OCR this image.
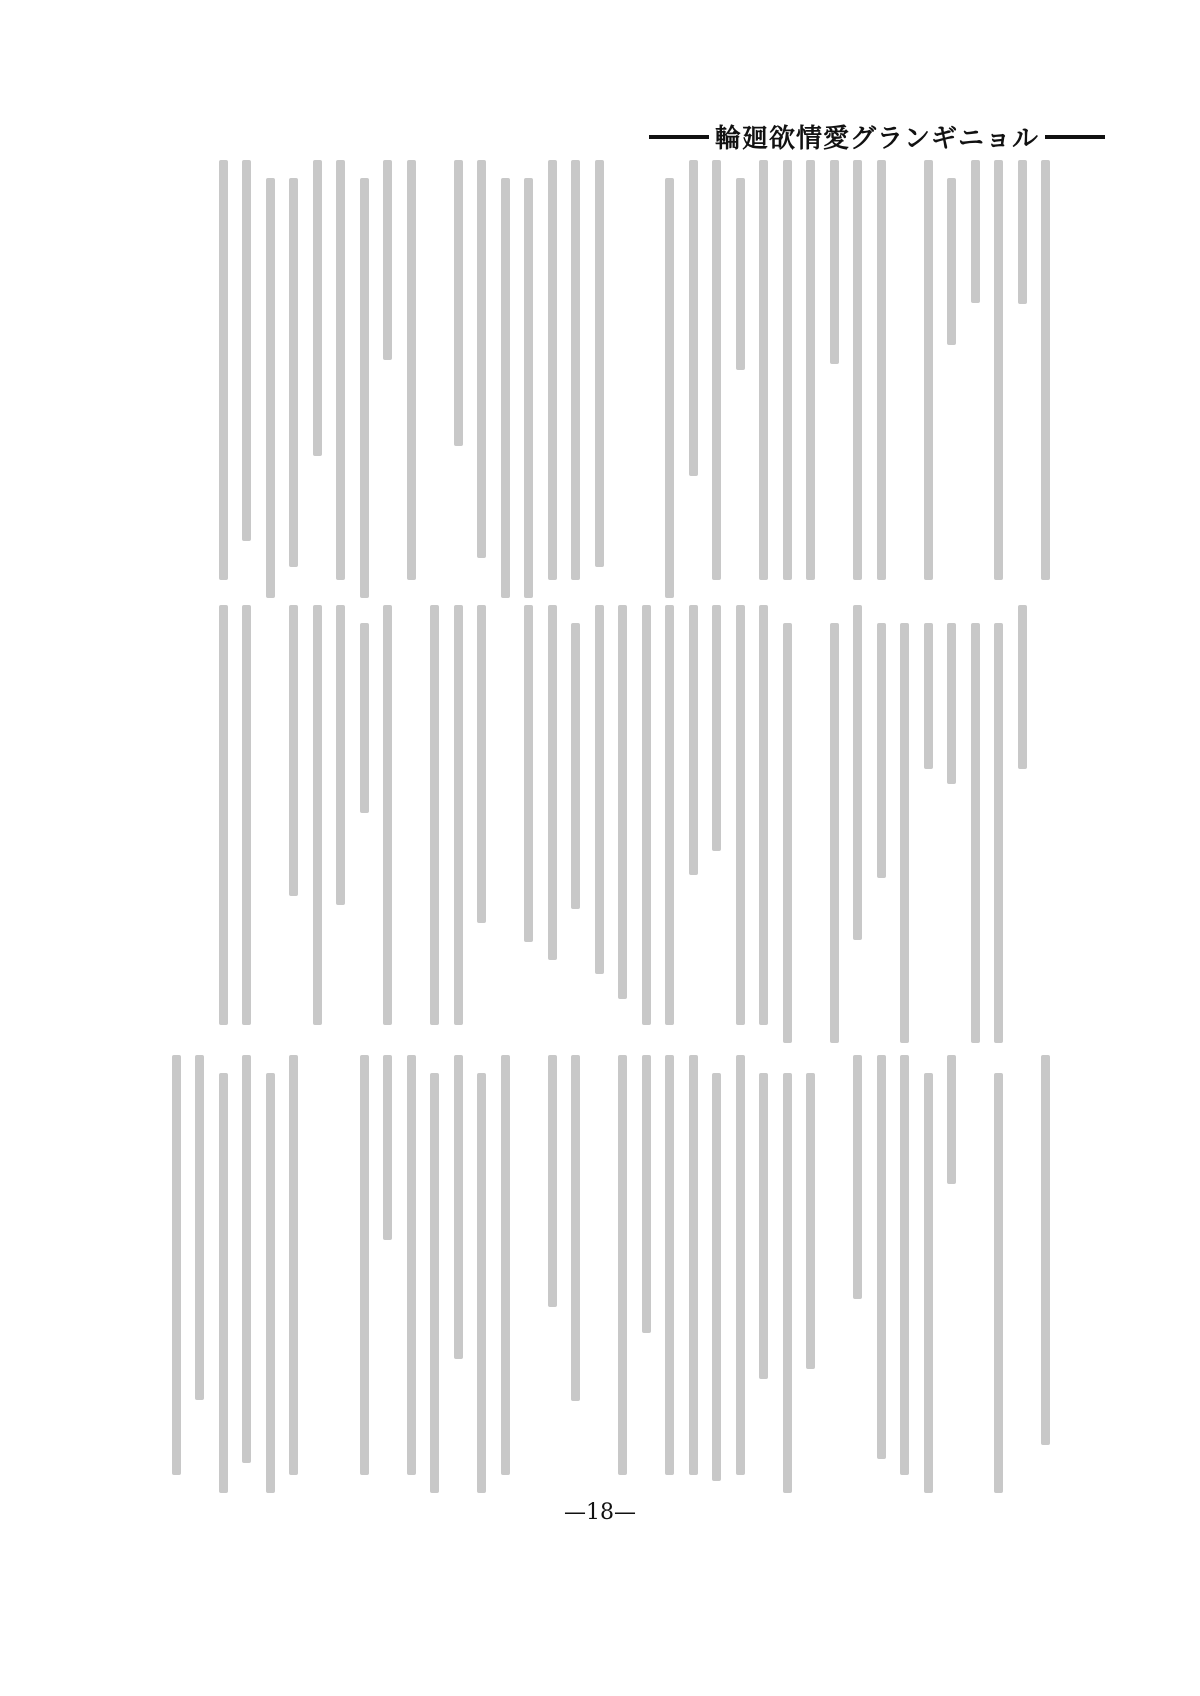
輪廻欲情愛グランギニョル
—18—
